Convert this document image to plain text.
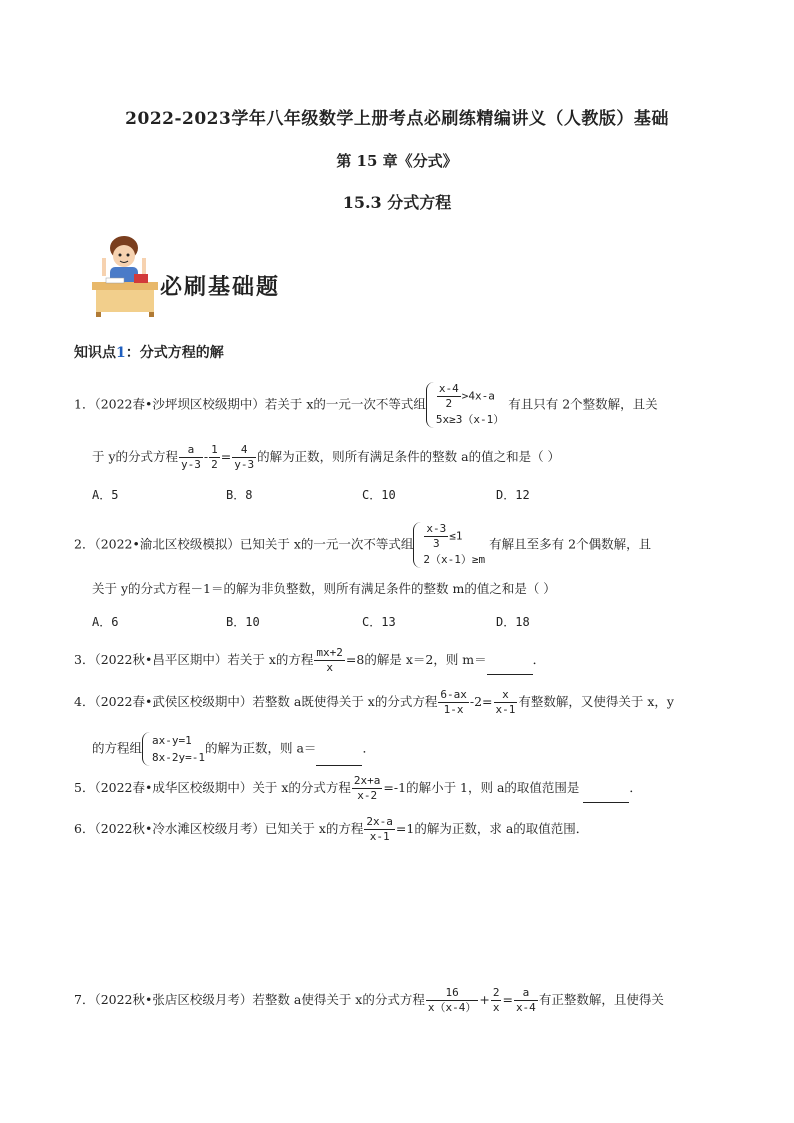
2022-2023学年八年级数学上册考点必刷练精编讲义（人教版）基础
第 15 章《分式》
15.3 分式方程
必刷基础题
知识点1：分式方程的解
1．（2022春•沙坪坝区校级期中）若关于 x的一元一次不等式组 $\frac{x-4}{2} >4x-a$
5x≥3（x-1）
有且只有 2个整数解，且关
于 y的分式方程 $\frac{a}{y-3} - \frac{1}{2} = \frac{4}{y-3}$ 的解为正数，则所有满足条件的整数 a的值之和是（ ）
A．5	B．8	C．10	D．12
2．（2022•渝北区校级模拟）已知关于 x的一元一次不等式组 $\frac{x-3}{3} \le 1$
2（x-1）≥m
有解且至多有 2个偶数解，且
关于 y的分式方程－1＝的解为非负整数，则所有满足条件的整数 m的值之和是（ ）
A．6	B．10	C．13	D．18
3．（2022秋•昌平区期中）若关于 x的方程 $\frac{mx+2}{x} =8$的解是 x＝2，则 m＝	．
4．（2022春•武侯区校级期中）若整数 a既使得关于 x的分式方程 $\frac{6-ax}{1-x} -2= \frac{x}{x-1}$ 有整数解，又使得关于 x，y
的方程组 ax-y=1
8x-2y=-1
的解为正数，则 a＝	．
5．（2022春•成华区校级期中）关于 x的分式方程 $\frac{2x+a}{x-2} =-1$的解小于 1，则 a的取值范围是	．
6．（2022秋•冷水滩区校级月考）已知关于 x的方程 $\frac{2x-a}{x-1} =1$的解为正数，求 a的取值范围．
7．（2022秋•张店区校级月考）若整数 a使得关于 x的分式方程 $\frac{16}{x(x-4)} + \frac{2}{x} = \frac{a}{x-4}$ 有正整数解，且使得关
